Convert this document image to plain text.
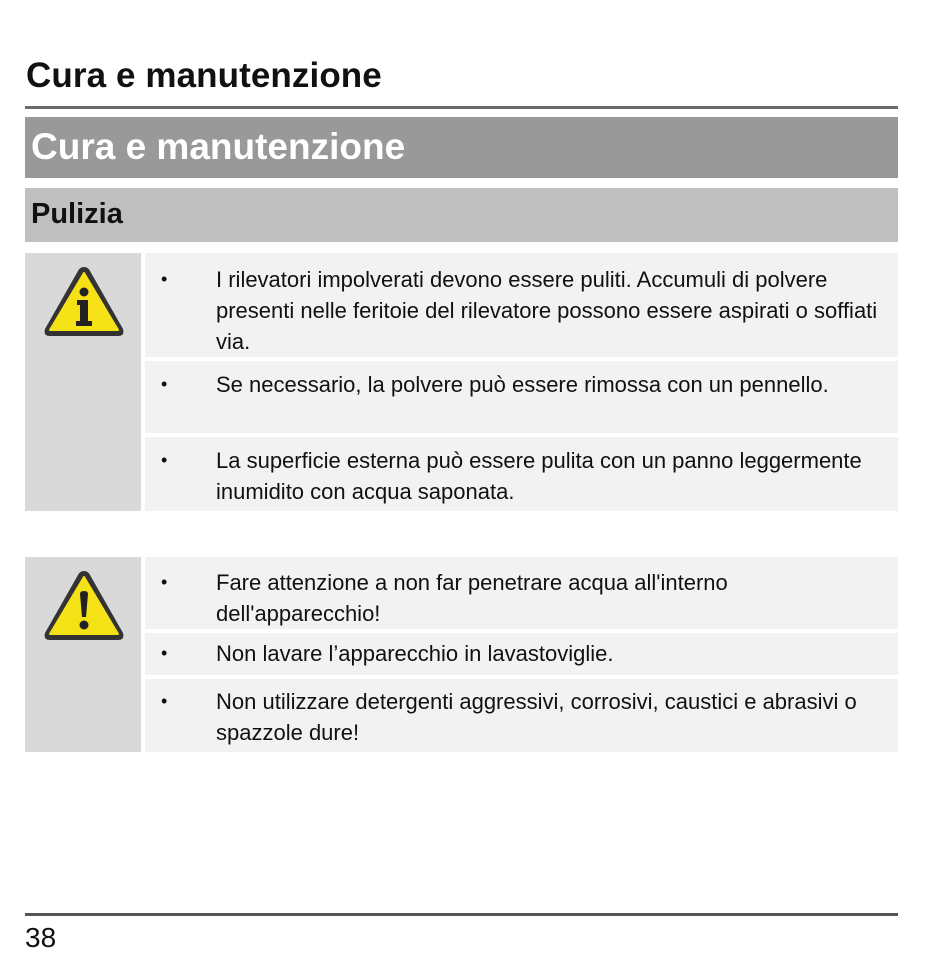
Cura e manutenzione
Cura e manutenzione
Pulizia
• I rilevatori impolverati devono essere puliti. Accumuli di polvere presenti nelle feritoie del rilevatore possono essere aspirati o soffiati via.
• Se necessario, la polvere può essere rimossa con un pennello.
• La superficie esterna può essere pulita con un panno leggermente inumidito con acqua saponata.
• Fare attenzione a non far penetrare acqua all'interno dell'apparecchio!
• Non lavare l’apparecchio in lavastoviglie.
• Non utilizzare detergenti aggressivi, corrosivi, caustici e abrasivi o spazzole dure!
38
